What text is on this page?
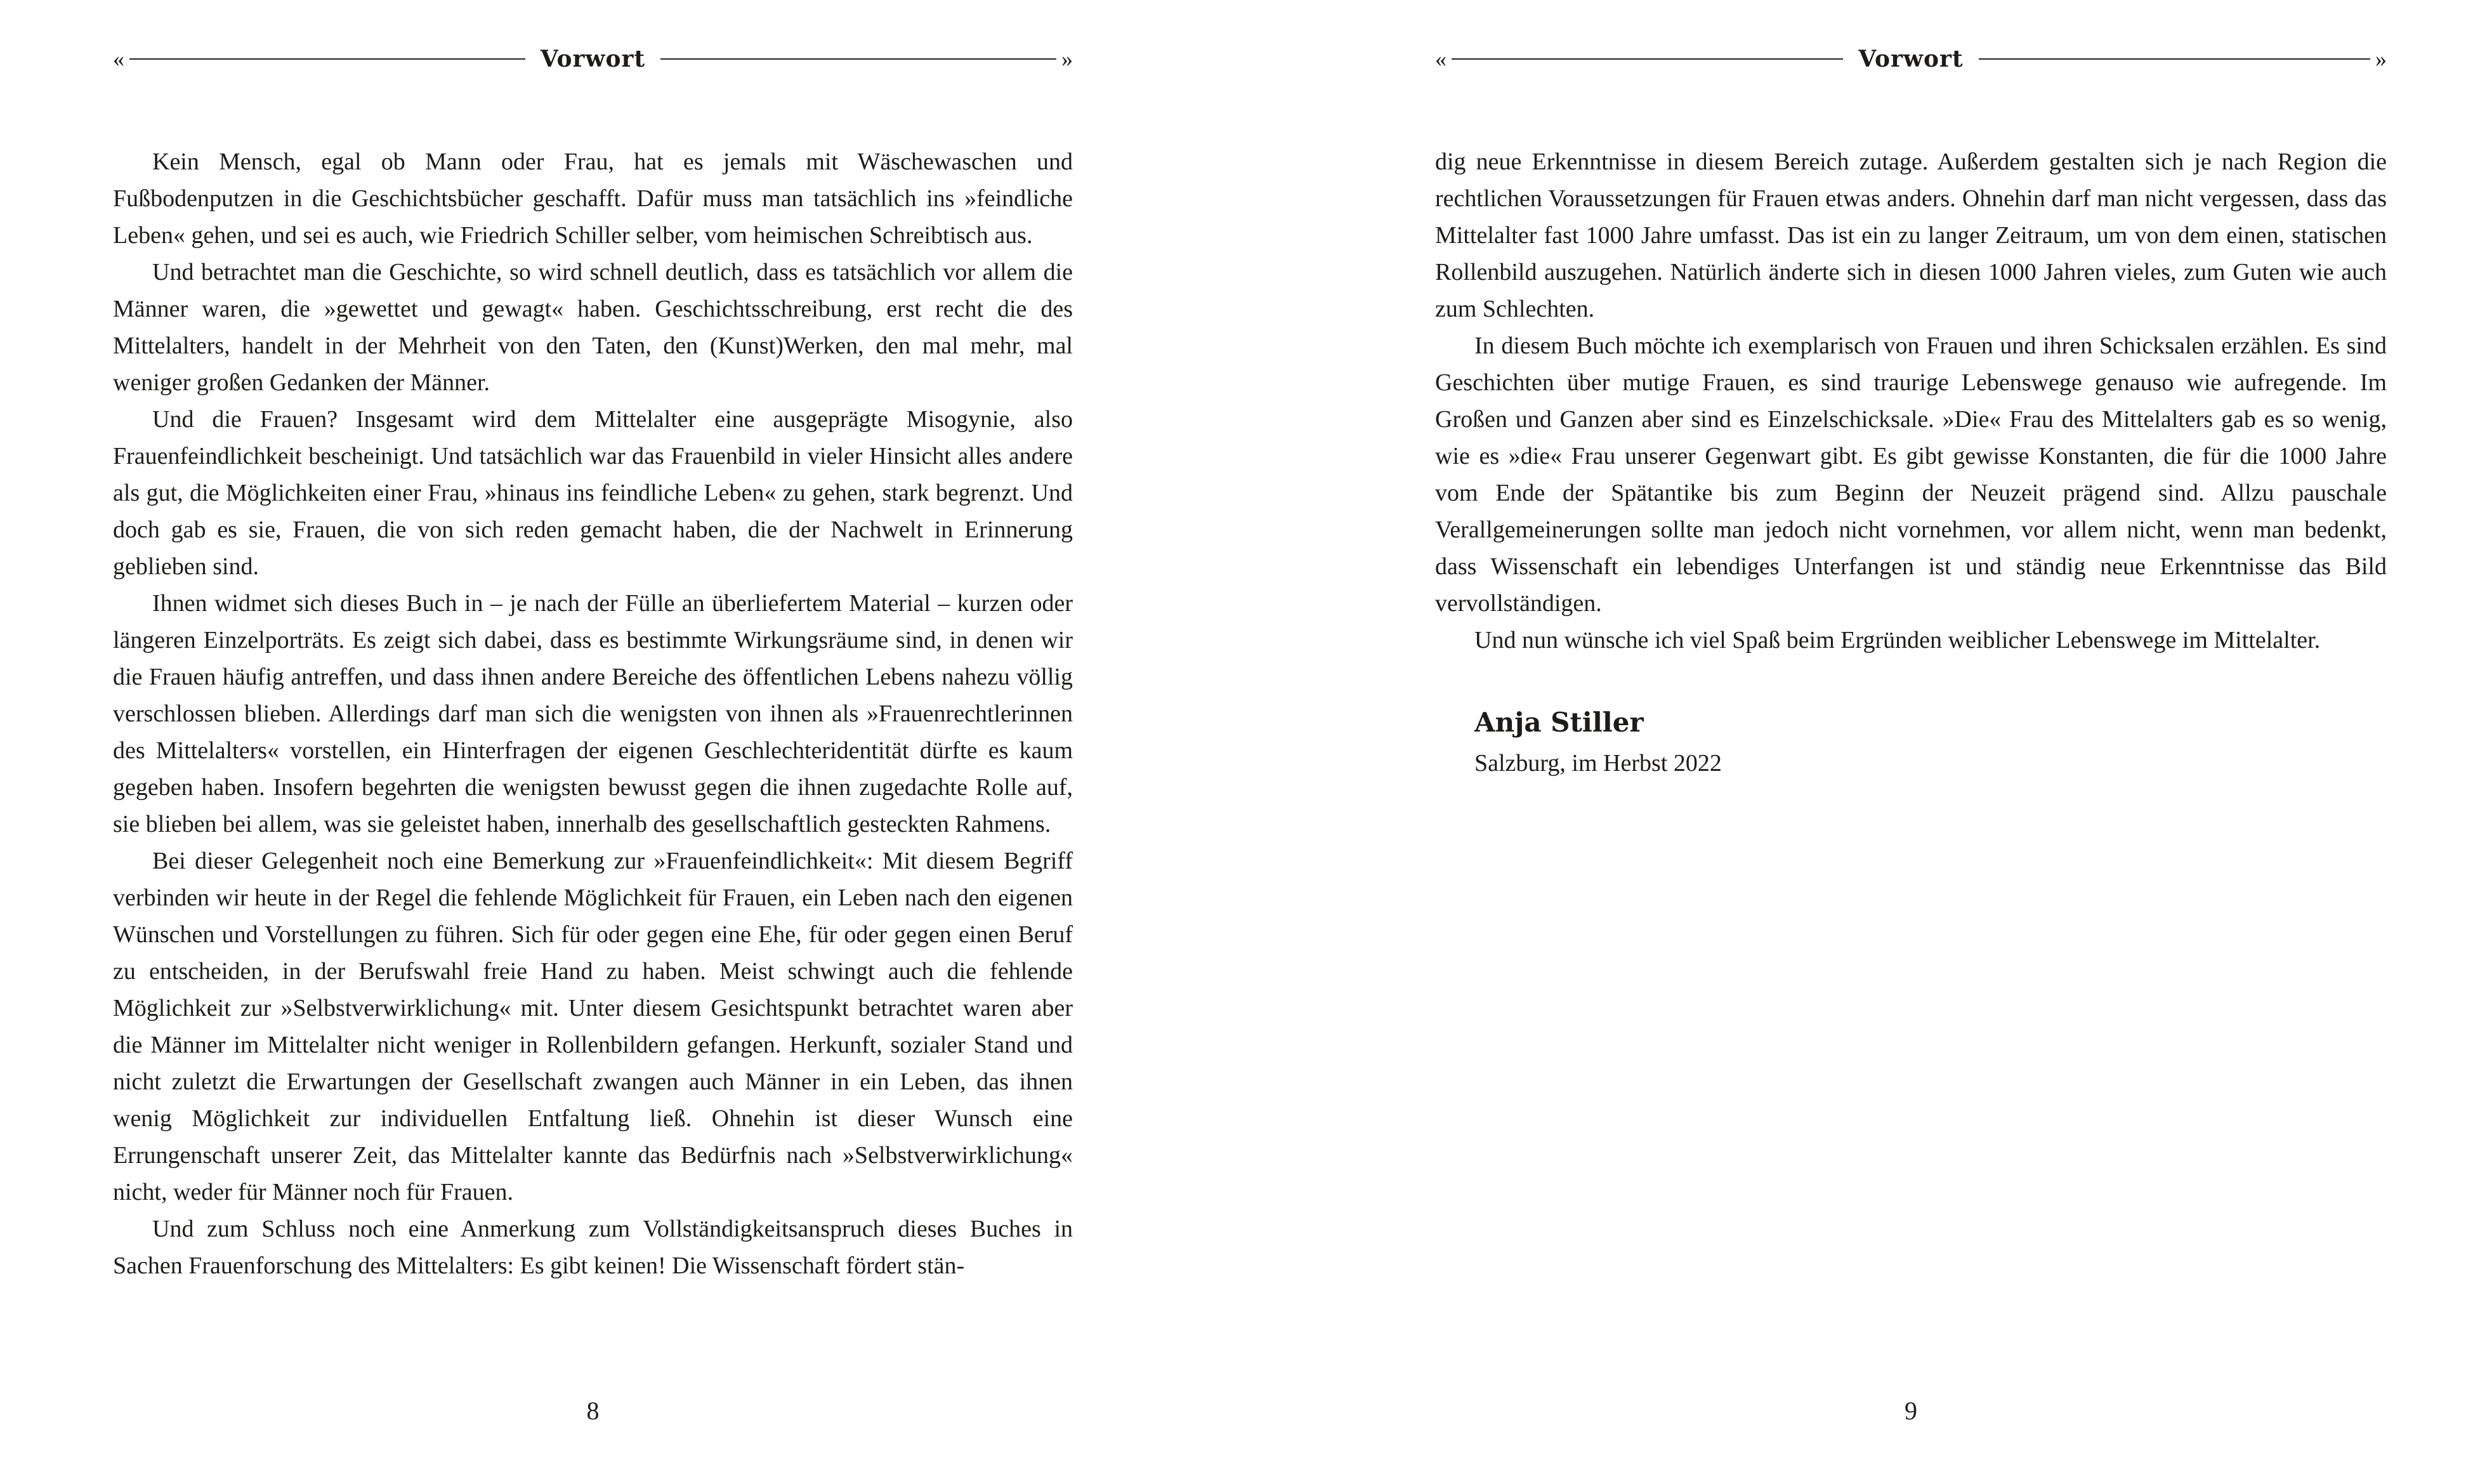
«	Vorwort	»

Kein Mensch, egal ob Mann oder Frau, hat es jemals mit Wäschewaschen und Fußbodenputzen in die Geschichtsbücher geschafft. Dafür muss man tatsächlich ins »feindliche Leben« gehen, und sei es auch, wie Friedrich Schiller selber, vom heimischen Schreibtisch aus.

Und betrachtet man die Geschichte, so wird schnell deutlich, dass es tatsächlich vor allem die Männer waren, die »gewettet und gewagt« haben. Geschichtsschreibung, erst recht die des Mittelalters, handelt in der Mehrheit von den Taten, den (Kunst)Werken, den mal mehr, mal weniger großen Gedanken der Männer.

Und die Frauen? Insgesamt wird dem Mittelalter eine ausgeprägte Misogynie, also Frauenfeindlichkeit bescheinigt. Und tatsächlich war das Frauenbild in vieler Hinsicht alles andere als gut, die Möglichkeiten einer Frau, »hinaus ins feindliche Leben« zu gehen, stark begrenzt. Und doch gab es sie, Frauen, die von sich reden gemacht haben, die der Nachwelt in Erinnerung geblieben sind.

Ihnen widmet sich dieses Buch in – je nach der Fülle an überliefertem Material – kurzen oder längeren Einzelporträts. Es zeigt sich dabei, dass es bestimmte Wirkungsräume sind, in denen wir die Frauen häufig antreffen, und dass ihnen andere Bereiche des öffentlichen Lebens nahezu völlig verschlossen blieben. Allerdings darf man sich die wenigsten von ihnen als »Frauenrechtlerinnen des Mittelalters« vorstellen, ein Hinterfragen der eigenen Geschlechteridentität dürfte es kaum gegeben haben. Insofern begehrten die wenigsten bewusst gegen die ihnen zugedachte Rolle auf, sie blieben bei allem, was sie geleistet haben, innerhalb des gesellschaftlich gesteckten Rahmens.

Bei dieser Gelegenheit noch eine Bemerkung zur »Frauenfeindlichkeit«: Mit diesem Begriff verbinden wir heute in der Regel die fehlende Möglichkeit für Frauen, ein Leben nach den eigenen Wünschen und Vorstellungen zu führen. Sich für oder gegen eine Ehe, für oder gegen einen Beruf zu entscheiden, in der Berufswahl freie Hand zu haben. Meist schwingt auch die fehlende Möglichkeit zur »Selbstverwirklichung« mit. Unter diesem Gesichtspunkt betrachtet waren aber die Männer im Mittelalter nicht weniger in Rollenbildern gefangen. Herkunft, sozialer Stand und nicht zuletzt die Erwartungen der Gesellschaft zwangen auch Männer in ein Leben, das ihnen wenig Möglichkeit zur individuellen Entfaltung ließ. Ohnehin ist dieser Wunsch eine Errungenschaft unserer Zeit, das Mittelalter kannte das Bedürfnis nach »Selbstverwirklichung« nicht, weder für Männer noch für Frauen.

Und zum Schluss noch eine Anmerkung zum Vollständigkeitsanspruch dieses Buches in Sachen Frauenforschung des Mittelalters: Es gibt keinen! Die Wissenschaft fördert stän-

8
«	Vorwort	»

dig neue Erkenntnisse in diesem Bereich zutage. Außerdem gestalten sich je nach Region die rechtlichen Voraussetzungen für Frauen etwas anders. Ohnehin darf man nicht vergessen, dass das Mittelalter fast 1000 Jahre umfasst. Das ist ein zu langer Zeitraum, um von dem einen, statischen Rollenbild auszugehen. Natürlich änderte sich in diesen 1000 Jahren vieles, zum Guten wie auch zum Schlechten.

In diesem Buch möchte ich exemplarisch von Frauen und ihren Schicksalen erzählen. Es sind Geschichten über mutige Frauen, es sind traurige Lebenswege genauso wie aufregende. Im Großen und Ganzen aber sind es Einzelschicksale. »Die« Frau des Mittelalters gab es so wenig, wie es »die« Frau unserer Gegenwart gibt. Es gibt gewisse Konstanten, die für die 1000 Jahre vom Ende der Spätantike bis zum Beginn der Neuzeit prägend sind. Allzu pauschale Verallgemeinerungen sollte man jedoch nicht vornehmen, vor allem nicht, wenn man bedenkt, dass Wissenschaft ein lebendiges Unterfangen ist und ständig neue Erkenntnisse das Bild vervollständigen.

Und nun wünsche ich viel Spaß beim Ergründen weiblicher Lebenswege im Mittelalter.

Anja Stiller

Salzburg, im Herbst 2022

9
